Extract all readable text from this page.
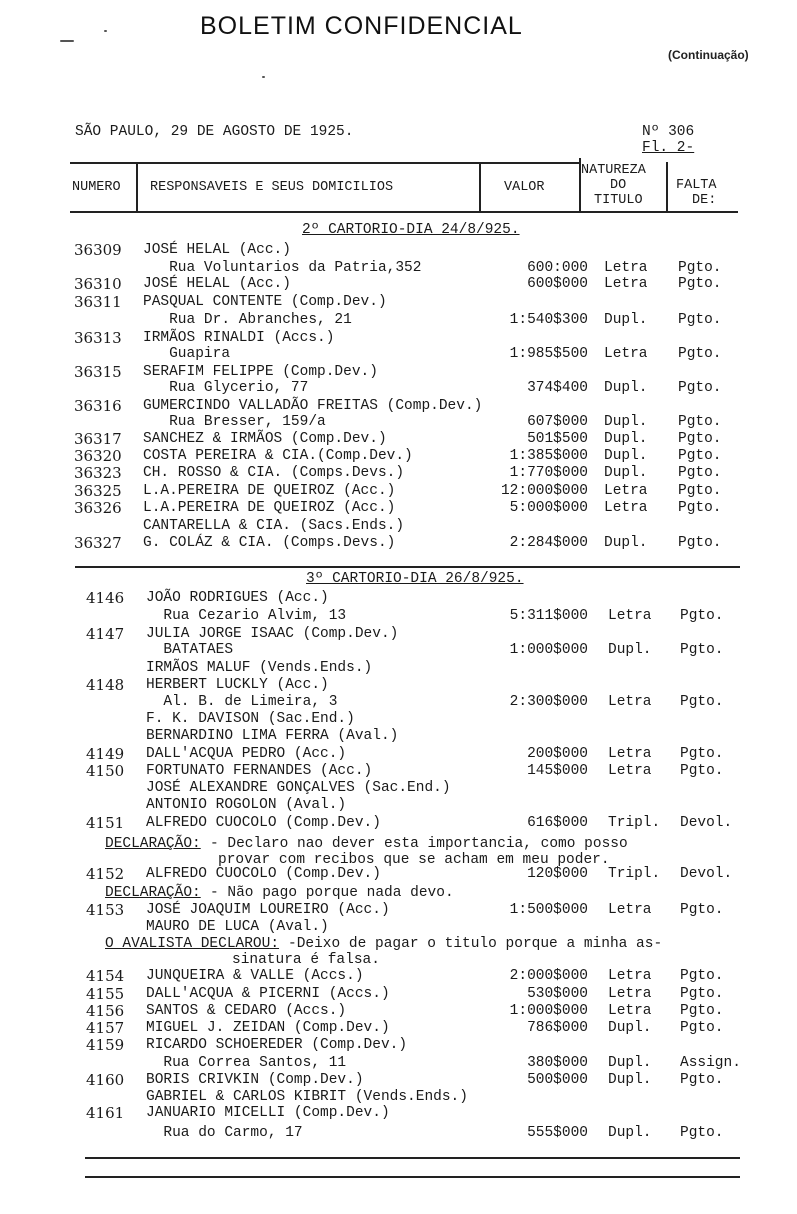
BOLETIM CONFIDENCIAL
(Continuação)
SÃO PAULO, 29 DE AGOSTO DE 1925.	Nº 306
Fl. 2-
NUMERO RESPONSAVEIS E SEUS DOMICILIOS	VALOR
NATUREZA
DO
TITULO
FALTA
DE:
2º CARTORIO-DIA 24/8/925.
36309 JOSÉ HELAL (Acc.)
Rua Voluntarios da Patria,352	600:000 Letra Pgto.
36310 JOSÉ HELAL (Acc.)	600$000 Letra Pgto.
36311 PASQUAL CONTENTE (Comp.Dev.)
Rua Dr. Abranches, 21	1:540$300 Dupl. Pgto.
36313 IRMÃOS RINALDI (Accs.)
Guapira	1:985$500 Letra Pgto.
36315 SERAFIM FELIPPE (Comp.Dev.)
Rua Glycerio, 77	374$400 Dupl. Pgto.
36316 GUMERCINDO VALLADÃO FREITAS (Comp.Dev.)
Rua Bresser, 159/a	607$000 Dupl. Pgto.
36317 SANCHEZ & IRMÃOS (Comp.Dev.)	501$500 Dupl. Pgto.
36320 COSTA PEREIRA & CIA.(Comp.Dev.)	1:385$000 Dupl. Pgto.
36323 CH. ROSSO & CIA. (Comps.Devs.)	1:770$000 Dupl. Pgto.
36325 L.A.PEREIRA DE QUEIROZ (Acc.)	12:000$000 Letra Pgto.
36326 L.A.PEREIRA DE QUEIROZ (Acc.)	5:000$000 Letra Pgto.
CANTARELLA & CIA. (Sacs.Ends.)
36327 G. COLÁZ & CIA. (Comps.Devs.)	2:284$000 Dupl. Pgto.
3º CARTORIO-DIA 26/8/925.
4146 JOÃO RODRIGUES (Acc.)
Rua Cezario Alvim, 13	5:311$000 Letra Pgto.
4147 JULIA JORGE ISAAC (Comp.Dev.)
BATATAES	1:000$000 Dupl. Pgto.
IRMÃOS MALUF (Vends.Ends.)
4148 HERBERT LUCKLY (Acc.)
Al. B. de Limeira, 3	2:300$000 Letra Pgto.
F. K. DAVISON (Sac.End.)
BERNARDINO LIMA FERRA (Aval.)
4149 DALL'ACQUA PEDRO (Acc.)	200$000 Letra Pgto.
4150 FORTUNATO FERNANDES (Acc.)	145$000 Letra Pgto.
JOSÉ ALEXANDRE GONÇALVES (Sac.End.)
ANTONIO ROGOLON (Aval.)
4151 ALFREDO CUOCOLO (Comp.Dev.)	616$000 Tripl. Devol.
DECLARAÇÃO: - Declaro nao dever esta importancia, como posso
provar com recibos que se acham em meu poder.
4152 ALFREDO CUOCOLO (Comp.Dev.)	120$000 Tripl. Devol.
DECLARAÇÃO: - Não pago porque nada devo.
4153 JOSÉ JOAQUIM LOUREIRO (Acc.)	1:500$000 Letra Pgto.
MAURO DE LUCA (Aval.)
O AVALISTA DECLAROU: -Deixo de pagar o titulo porque a minha as-
sinatura é falsa.
4154 JUNQUEIRA & VALLE (Accs.)	2:000$000 Letra Pgto.
4155 DALL'ACQUA & PICERNI (Accs.)	530$000 Letra Pgto.
4156 SANTOS & CEDARO (Accs.)	1:000$000 Letra Pgto.
4157 MIGUEL J. ZEIDAN (Comp.Dev.)	786$000 Dupl. Pgto.
4159 RICARDO SCHOEREDER (Comp.Dev.)
Rua Correa Santos, 11	380$000 Dupl. Assign.
4160 BORIS CRIVKIN (Comp.Dev.)	500$000 Dupl. Pgto.
GABRIEL & CARLOS KIBRIT (Vends.Ends.)
4161 JANUARIO MICELLI (Comp.Dev.)
Rua do Carmo, 17	555$000 Dupl. Pgto.
